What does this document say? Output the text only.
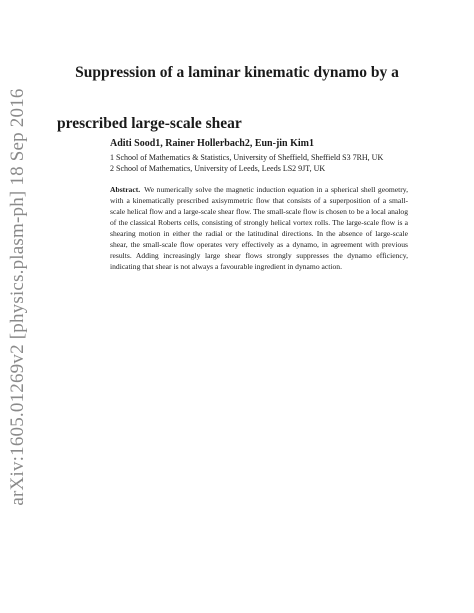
arXiv:1605.01269v2 [physics.plasm-ph] 18 Sep 2016
Suppression of a laminar kinematic dynamo by a
prescribed large-scale shear
Aditi Sood1, Rainer Hollerbach2, Eun-jin Kim1
1 School of Mathematics & Statistics, University of Sheffield, Sheffield S3 7RH, UK
2 School of Mathematics, University of Leeds, Leeds LS2 9JT, UK

Abstract. We numerically solve the magnetic induction equation in a spherical shell geometry, with a kinematically prescribed axisymmetric flow that consists of a superposition of a small-scale helical flow and a large-scale shear flow. The small-scale flow is chosen to be a local analog of the classical Roberts cells, consisting of strongly helical vortex rolls. The large-scale flow is a shearing motion in either the radial or the latitudinal directions. In the absence of large-scale shear, the small-scale flow operates very effectively as a dynamo, in agreement with previous results. Adding increasingly large shear flows strongly suppresses the dynamo efficiency, indicating that shear is not always a favourable ingredient in dynamo action.
